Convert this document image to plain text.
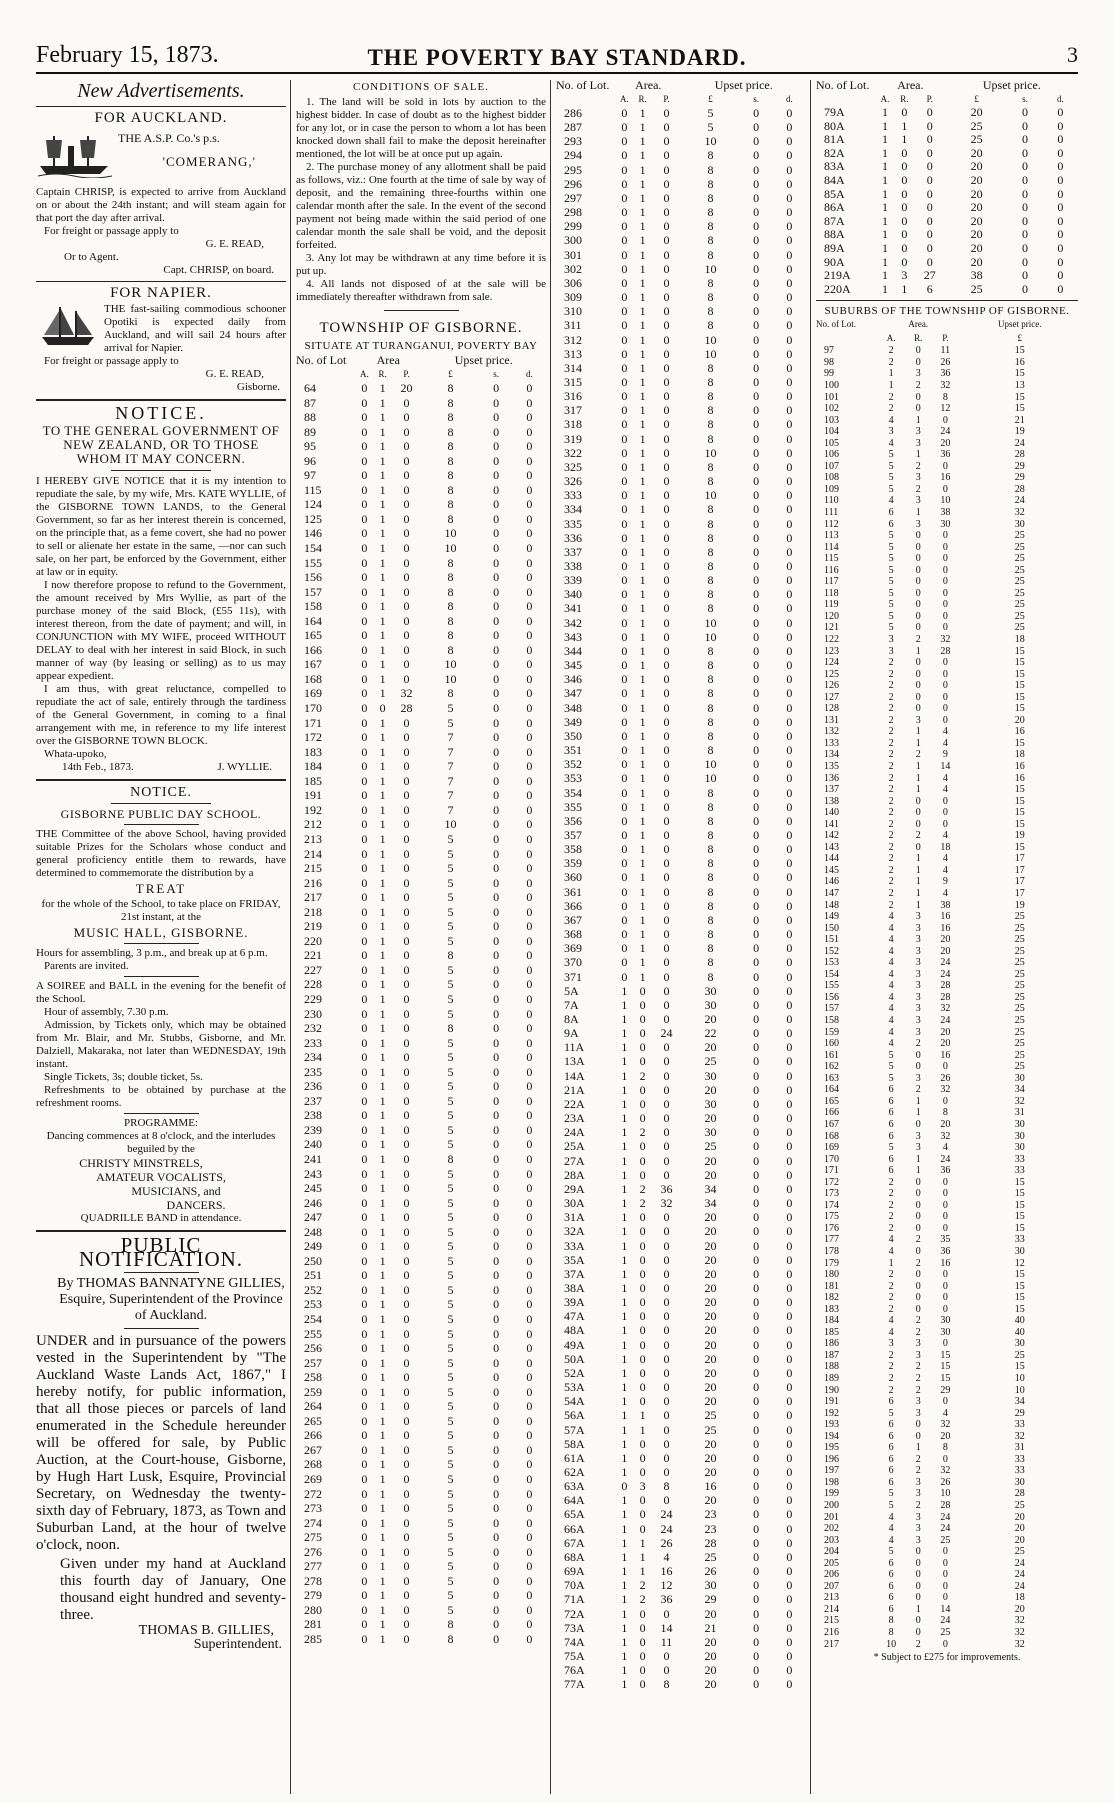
February 15, 1873.	THE POVERTY BAY STANDARD.	3
New Advertisements.
FOR AUCKLAND.
THE A.S.P. Co.'s p.s.
'COMERANG,'
Captain CHRISP, is expected to arrive from Auckland on or about the 24th instant; and will steam again for that port the day after arrival.
For freight or passage apply to
G. E. READ,
Or to Agent.
Capt. CHRISP, on board.
FOR NAPIER.
THE fast-sailing commodious schooner Opotiki is expected daily from Auckland, and will sail 24 hours after arrival for Napier.
For freight or passage apply to
G. E. READ,
Gisborne.
NOTICE.
TO THE GENERAL GOVERNMENT OF NEW ZEALAND, OR TO THOSE WHOM IT MAY CONCERN.
I HEREBY GIVE NOTICE that it is my intention to repudiate the sale, by my wife, Mrs. KATE WYLLIE, of the GISBORNE TOWN LANDS, to the General Government, so far as her interest therein is concerned, on the principle that, as a feme covert, she had no power to sell or alienate her estate in the same, —nor can such sale, on her part, be enforced by the Government, either at law or in equity.
I now therefore propose to refund to the Government, the amount received by Mrs Wyllie, as part of the purchase money of the said Block, (£55 11s), with interest thereon, from the date of payment; and will, in CONJUNCTION with MY WIFE, proceed WITHOUT DELAY to deal with her interest in said Block, in such manner of way (by leasing or selling) as to us may appear expedient.
I am thus, with great reluctance, compelled to repudiate the act of sale, entirely through the tardiness of the General Government, in coming to a final arrangement with me, in reference to my life interest over the GISBORNE TOWN BLOCK.
Whata-upoko,
14th Feb., 1873.	J. WYLLIE.
NOTICE.
GISBORNE PUBLIC DAY SCHOOL.
THE Committee of the above School, having provided suitable Prizes for the Scholars whose conduct and general proficiency entitle them to rewards, have determined to commemorate the distribution by a
TREAT
for the whole of the School, to take place on FRIDAY, 21st instant, at the
MUSIC HALL, GISBORNE.
Hours for assembling, 3 p.m., and break up at 6 p.m.
Parents are invited.
A SOIREE and BALL in the evening for the benefit of the School.
Hour of assembly, 7.30 p.m.
Admission, by Tickets only, which may be obtained from Mr. Blair, and Mr. Stubbs, Gisborne, and Mr. Dalziell, Makaraka, not later than WEDNESDAY, 19th instant.
Single Tickets, 3s; double ticket, 5s.
Refreshments to be obtained by purchase at the refreshment rooms.
PROGRAMME:
Dancing commences at 8 o'clock, and the interludes beguiled by the
CHRISTY MINSTRELS,
AMATEUR VOCALISTS,
MUSICIANS, and
DANCERS.
QUADRILLE BAND in attendance.
PUBLIC NOTIFICATION.
By THOMAS BANNATYNE GILLIES, Esquire, Superintendent of the Province of Auckland.
UNDER and in pursuance of the powers vested in the Superintendent by "The Auckland Waste Lands Act, 1867," I hereby notify, for public information, that all those pieces or parcels of land enumerated in the Schedule hereunder will be offered for sale, by Public Auction, at the Court-house, Gisborne, by Hugh Hart Lusk, Esquire, Provincial Secretary, on Wednesday the twenty-sixth day of February, 1873, as Town and Suburban Land, at the hour of twelve o'clock, noon.
Given under my hand at Auckland this fourth day of January, One thousand eight hundred and seventy-three.
THOMAS B. GILLIES,
Superintendent.
CONDITIONS OF SALE.
1. The land will be sold in lots by auction to the highest bidder. In case of doubt as to the highest bidder for any lot, or in case the person to whom a lot has been knocked down shall fail to make the deposit hereinafter mentioned, the lot will be at once put up again.
2. The purchase money of any allotment shall be paid as follows, viz.: One fourth at the time of sale by way of deposit, and the remaining three-fourths within one calendar month after the sale. In the event of the second payment not being made within the said period of one calendar month the sale shall be void, and the deposit forfeited.
3. Any lot may be withdrawn at any time before it is put up.
4. All lands not disposed of at the sale will be immediately thereafter withdrawn from sale.
TOWNSHIP OF GISBORNE.
SITUATE AT TURANGANUI, POVERTY BAY
No. of Lot	Area			Upset price.		
	A.	R.	P.	£	s.	d.
64	0	1	20	8	0	0
87	0	1	0	8	0	0
88	0	1	0	8	0	0
89	0	1	0	8	0	0
95	0	1	0	8	0	0
96	0	1	0	8	0	0
97	0	1	0	8	0	0
115	0	1	0	8	0	0
124	0	1	0	8	0	0
125	0	1	0	8	0	0
146	0	1	0	10	0	0
154	0	1	0	10	0	0
155	0	1	0	8	0	0
156	0	1	0	8	0	0
157	0	1	0	8	0	0
158	0	1	0	8	0	0
164	0	1	0	8	0	0
165	0	1	0	8	0	0
166	0	1	0	8	0	0
167	0	1	0	10	0	0
168	0	1	0	10	0	0
169	0	1	32	8	0	0
170	0	0	28	5	0	0
171	0	1	0	5	0	0
172	0	1	0	7	0	0
183	0	1	0	7	0	0
184	0	1	0	7	0	0
185	0	1	0	7	0	0
191	0	1	0	7	0	0
192	0	1	0	7	0	0
212	0	1	0	10	0	0
213	0	1	0	5	0	0
214	0	1	0	5	0	0
215	0	1	0	5	0	0
216	0	1	0	5	0	0
217	0	1	0	5	0	0
218	0	1	0	5	0	0
219	0	1	0	5	0	0
220	0	1	0	5	0	0
221	0	1	0	8	0	0
227	0	1	0	5	0	0
228	0	1	0	5	0	0
229	0	1	0	5	0	0
230	0	1	0	5	0	0
232	0	1	0	8	0	0
233	0	1	0	5	0	0
234	0	1	0	5	0	0
235	0	1	0	5	0	0
236	0	1	0	5	0	0
237	0	1	0	5	0	0
238	0	1	0	5	0	0
239	0	1	0	5	0	0
240	0	1	0	5	0	0
241	0	1	0	8	0	0
243	0	1	0	5	0	0
245	0	1	0	5	0	0
246	0	1	0	5	0	0
247	0	1	0	5	0	0
248	0	1	0	5	0	0
249	0	1	0	5	0	0
250	0	1	0	5	0	0
251	0	1	0	5	0	0
252	0	1	0	5	0	0
253	0	1	0	5	0	0
254	0	1	0	5	0	0
255	0	1	0	5	0	0
256	0	1	0	5	0	0
257	0	1	0	5	0	0
258	0	1	0	5	0	0
259	0	1	0	5	0	0
264	0	1	0	5	0	0
265	0	1	0	5	0	0
266	0	1	0	5	0	0
267	0	1	0	5	0	0
268	0	1	0	5	0	0
269	0	1	0	5	0	0
272	0	1	0	5	0	0
273	0	1	0	5	0	0
274	0	1	0	5	0	0
275	0	1	0	5	0	0
276	0	1	0	5	0	0
277	0	1	0	5	0	0
278	0	1	0	5	0	0
279	0	1	0	5	0	0
280	0	1	0	5	0	0
281	0	1	0	8	0	0
285	0	1	0	8	0	0
No. of Lot.	Area.			Upset price.		
	A.	R.	P.	£	s.	d.
286	0	1	0	5	0	0
287	0	1	0	5	0	0
293	0	1	0	10	0	0
294	0	1	0	8	0	0
295	0	1	0	8	0	0
296	0	1	0	8	0	0
297	0	1	0	8	0	0
298	0	1	0	8	0	0
299	0	1	0	8	0	0
300	0	1	0	8	0	0
301	0	1	0	8	0	0
302	0	1	0	10	0	0
306	0	1	0	8	0	0
309	0	1	0	8	0	0
310	0	1	0	8	0	0
311	0	1	0	8	0	0
312	0	1	0	10	0	0
313	0	1	0	10	0	0
314	0	1	0	8	0	0
315	0	1	0	8	0	0
316	0	1	0	8	0	0
317	0	1	0	8	0	0
318	0	1	0	8	0	0
319	0	1	0	8	0	0
322	0	1	0	10	0	0
325	0	1	0	8	0	0
326	0	1	0	8	0	0
333	0	1	0	10	0	0
334	0	1	0	8	0	0
335	0	1	0	8	0	0
336	0	1	0	8	0	0
337	0	1	0	8	0	0
338	0	1	0	8	0	0
339	0	1	0	8	0	0
340	0	1	0	8	0	0
341	0	1	0	8	0	0
342	0	1	0	10	0	0
343	0	1	0	10	0	0
344	0	1	0	8	0	0
345	0	1	0	8	0	0
346	0	1	0	8	0	0
347	0	1	0	8	0	0
348	0	1	0	8	0	0
349	0	1	0	8	0	0
350	0	1	0	8	0	0
351	0	1	0	8	0	0
352	0	1	0	10	0	0
353	0	1	0	10	0	0
354	0	1	0	8	0	0
355	0	1	0	8	0	0
356	0	1	0	8	0	0
357	0	1	0	8	0	0
358	0	1	0	8	0	0
359	0	1	0	8	0	0
360	0	1	0	8	0	0
361	0	1	0	8	0	0
366	0	1	0	8	0	0
367	0	1	0	8	0	0
368	0	1	0	8	0	0
369	0	1	0	8	0	0
370	0	1	0	8	0	0
371	0	1	0	8	0	0
5A	1	0	0	30	0	0
7A	1	0	0	30	0	0
8A	1	0	0	20	0	0
9A	1	0	24	22	0	0
11A	1	0	0	20	0	0
13A	1	0	0	25	0	0
14A	1	2	0	30	0	0
21A	1	0	0	20	0	0
22A	1	0	0	30	0	0
23A	1	0	0	20	0	0
24A	1	2	0	30	0	0
25A	1	0	0	25	0	0
27A	1	0	0	20	0	0
28A	1	0	0	20	0	0
29A	1	2	36	34	0	0
30A	1	2	32	34	0	0
31A	1	0	0	20	0	0
32A	1	0	0	20	0	0
33A	1	0	0	20	0	0
35A	1	0	0	20	0	0
37A	1	0	0	20	0	0
38A	1	0	0	20	0	0
39A	1	0	0	20	0	0
47A	1	0	0	20	0	0
48A	1	0	0	20	0	0
49A	1	0	0	20	0	0
50A	1	0	0	20	0	0
52A	1	0	0	20	0	0
53A	1	0	0	20	0	0
54A	1	0	0	20	0	0
56A	1	1	0	25	0	0
57A	1	1	0	25	0	0
58A	1	0	0	20	0	0
61A	1	0	0	20	0	0
62A	1	0	0	20	0	0
63A	0	3	8	16	0	0
64A	1	0	0	20	0	0
65A	1	0	24	23	0	0
66A	1	0	24	23	0	0
67A	1	1	26	28	0	0
68A	1	1	4	25	0	0
69A	1	1	16	26	0	0
70A	1	2	12	30	0	0
71A	1	2	36	29	0	0
72A	1	0	0	20	0	0
73A	1	0	14	21	0	0
74A	1	0	11	20	0	0
75A	1	0	0	20	0	0
76A	1	0	0	20	0	0
77A	1	0	8	20	0	0
No. of Lot.	Area.			Upset price.		
	A.	R.	P.	£	s.	d.
79A	1	0	0	20	0	0
80A	1	1	0	25	0	0
81A	1	1	0	25	0	0
82A	1	0	0	20	0	0
83A	1	0	0	20	0	0
84A	1	0	0	20	0	0
85A	1	0	0	20	0	0
86A	1	0	0	20	0	0
87A	1	0	0	20	0	0
88A	1	0	0	20	0	0
89A	1	0	0	20	0	0
90A	1	0	0	20	0	0
219A	1	3	27	38	0	0
220A	1	1	6	25	0	0
SUBURBS OF THE TOWNSHIP OF GISBORNE.
No. of Lot.	Area.			Upset price.
	A.	R.	P.	£
97	2	0	11	15
98	2	0	26	16
99	1	3	36	15
100	1	2	32	13
101	2	0	8	15
102	2	0	12	15
103	4	1	0	21
104	3	3	24	19
105	4	3	20	24
106	5	1	36	28
107	5	2	0	29
108	5	3	16	29
109	5	2	0	28
110	4	3	10	24
111	6	1	38	32
112	6	3	30	30
113	5	0	0	25
114	5	0	0	25
115	5	0	0	25
116	5	0	0	25
117	5	0	0	25
118	5	0	0	25
119	5	0	0	25
120	5	0	0	25
121	5	0	0	25
122	3	2	32	18
123	3	1	28	15
124	2	0	0	15
125	2	0	0	15
126	2	0	0	15
127	2	0	0	15
128	2	0	0	15
131	2	3	0	20
132	2	1	4	16
133	2	1	4	15
134	2	2	9	18
135	2	1	14	16
136	2	1	4	16
137	2	1	4	15
138	2	0	0	15
140	2	0	0	15
141	2	0	0	15
142	2	2	4	19
143	2	0	18	15
144	2	1	4	17
145	2	1	4	17
146	2	1	9	17
147	2	1	4	17
148	2	1	38	19
149	4	3	16	25
150	4	3	16	25
151	4	3	20	25
152	4	3	20	25
153	4	3	24	25
154	4	3	24	25
155	4	3	28	25
156	4	3	28	25
157	4	3	32	25
158	4	3	24	25
159	4	3	20	25
160	4	2	20	25
161	5	0	16	25
162	5	0	0	25
163	5	3	26	30
164	6	2	32	34
165	6	1	0	32
166	6	1	8	31
167	6	0	20	30
168	6	3	32	30
169	5	3	4	30
170	6	1	24	33
171	6	1	36	33
172	2	0	0	15
173	2	0	0	15
174	2	0	0	15
175	2	0	0	15
176	2	0	0	15
177	4	2	35	33
178	4	0	36	30
179	1	2	16	12
180	2	0	0	15
181	2	0	0	15
182	2	0	0	15
183	2	0	0	15
184	4	2	30	40
185	4	2	30	40
186	3	3	0	30
187	2	3	15	25
188	2	2	15	15
189	2	2	15	10
190	2	2	29	10
191	6	3	0	34
192	5	3	4	29
193	6	0	32	33
194	6	0	20	32
195	6	1	8	31
196	6	2	0	33
197	6	2	32	33
198	6	3	26	30
199	5	3	10	28
200	5	2	28	25
201	4	3	24	20
202	4	3	24	20
203	4	3	25	20
204	5	0	0	25
205	6	0	0	24
206	6	0	0	24
207	6	0	0	24
213	6	0	0	18
214	6	1	14	20
215	8	0	24	32
216	8	0	25	32
217	10	2	0	32
* Subject to £275 for improvements.
